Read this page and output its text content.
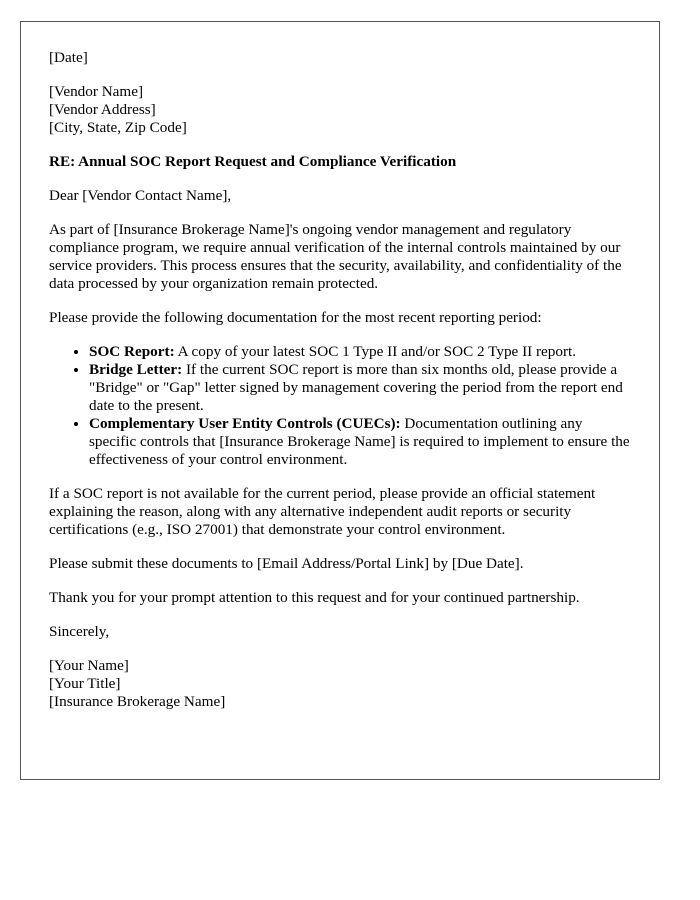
[Date]
[Vendor Name]
[Vendor Address]
[City, State, Zip Code]
RE: Annual SOC Report Request and Compliance Verification

Dear [Vendor Contact Name],

As part of [Insurance Brokerage Name]'s ongoing vendor management and regulatory compliance program, we require annual verification of the internal controls maintained by our service providers. This process ensures that the security, availability, and confidentiality of the data processed by your organization remain protected.

Please provide the following documentation for the most recent reporting period:

• SOC Report: A copy of your latest SOC 1 Type II and/or SOC 2 Type II report.
• Bridge Letter: If the current SOC report is more than six months old, please provide a "Bridge" or "Gap" letter signed by management covering the period from the report end date to the present.
• Complementary User Entity Controls (CUECs): Documentation outlining any specific controls that [Insurance Brokerage Name] is required to implement to ensure the effectiveness of your control environment.

If a SOC report is not available for the current period, please provide an official statement explaining the reason, along with any alternative independent audit reports or security certifications (e.g., ISO 27001) that demonstrate your control environment.

Please submit these documents to [Email Address/Portal Link] by [Due Date].

Thank you for your prompt attention to this request and for your continued partnership.

Sincerely,

[Your Name]
[Your Title]
[Insurance Brokerage Name]
